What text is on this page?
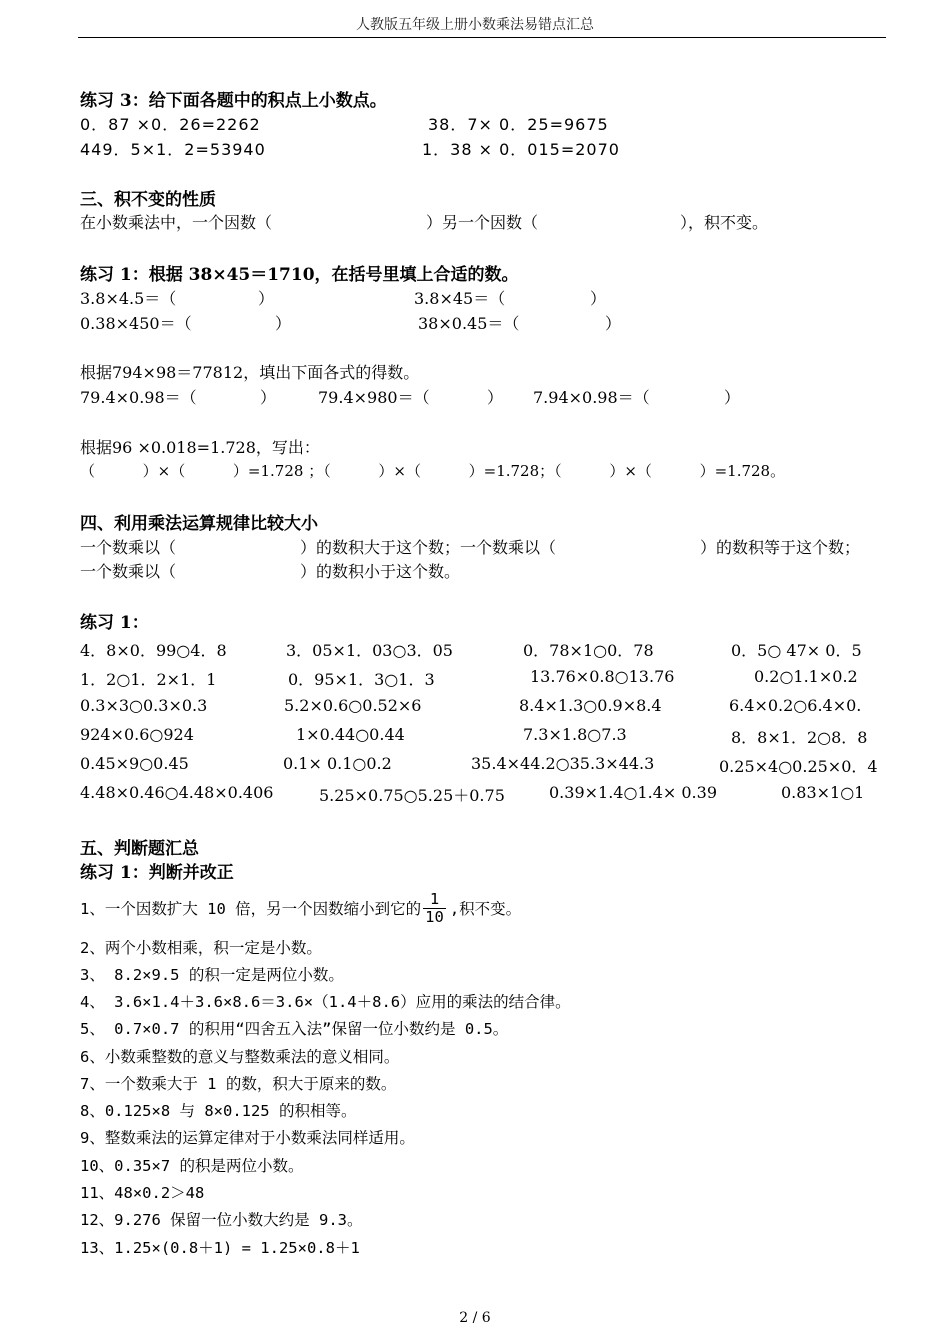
人教版五年级上册小数乘法易错点汇总
练习 3：给下面各题中的积点上小数点。
0．87 ×0．26=2262	38．7× 0．25=9675
449．5×1．2=53940	1．38 × 0．015=2070
三、积不变的性质
在小数乘法中，一个因数（	）另一个因数（	），积不变。
练习 1：根据 38×45＝1710，在括号里填上合适的数。
3.8×4.5＝（	）	3.8×45＝（	）
0.38×450＝（	）	38×0.45＝（	）
根据794×98＝77812，填出下面各式的得数。
79.4×0.98＝（	）	79.4×980＝（	） 7.94×0.98＝（	）
根据96 ×0.018=1.728，写出：
（          ）×（          ）=1.728 ；（          ）×（          ）=1.728；（          ）×（          ）=1.728。
四、利用乘法运算规律比较大小
一个数乘以（	）的数积大于这个数；一个数乘以（	）的数积等于这个数；
一个数乘以（	）的数积小于这个数。
练习 1：
4．8×0．99○4．8	3．05×1．03○3．05	0．78×1○0．78	0．5○ 47× 0．5
1．2○1．2×1．1	0．95×1．3○1．3	13.76×0.8○13.76	0.2○1.1×0.2
0.3×3○0.3×0.3	5.2×0.6○0.52×6	8.4×1.3○0.9×8.4	6.4×0.2○6.4×0.
924×0.6○924	1×0.44○0.44	7.3×1.8○7.3	8．8×1．2○8．8
0.45×9○0.45	0.1× 0.1○0.2	35.4×44.2○35.3×44.3	0.25×4○0.25×0．4
4.48×0.46○4.48×0.406	5.25×0.75○5.25＋0.75	0.39×1.4○1.4× 0.39	0.83×1○1
五、判断题汇总
练习 1：判断并改正
1、一个因数扩大 10 倍，另一个因数缩小到它的 $\frac{1}{10}$ ,积不变。
2、两个小数相乘，积一定是小数。
3、 8.2×9.5 的积一定是两位小数。
4、 3.6×1.4＋3.6×8.6＝3.6×（1.4＋8.6）应用的乘法的结合律。
5、 0.7×0.7 的积用“四舍五入法”保留一位小数约是 0.5。
6、小数乘整数的意义与整数乘法的意义相同。
7、一个数乘大于 1 的数，积大于原来的数。
8、0.125×8 与 8×0.125 的积相等。
9、整数乘法的运算定律对于小数乘法同样适用。
10、0.35×7 的积是两位小数。
11、48×0.2＞48
12、9.276 保留一位小数大约是 9.3。
13、1.25×(0.8＋1) = 1.25×0.8＋1
2 / 6
